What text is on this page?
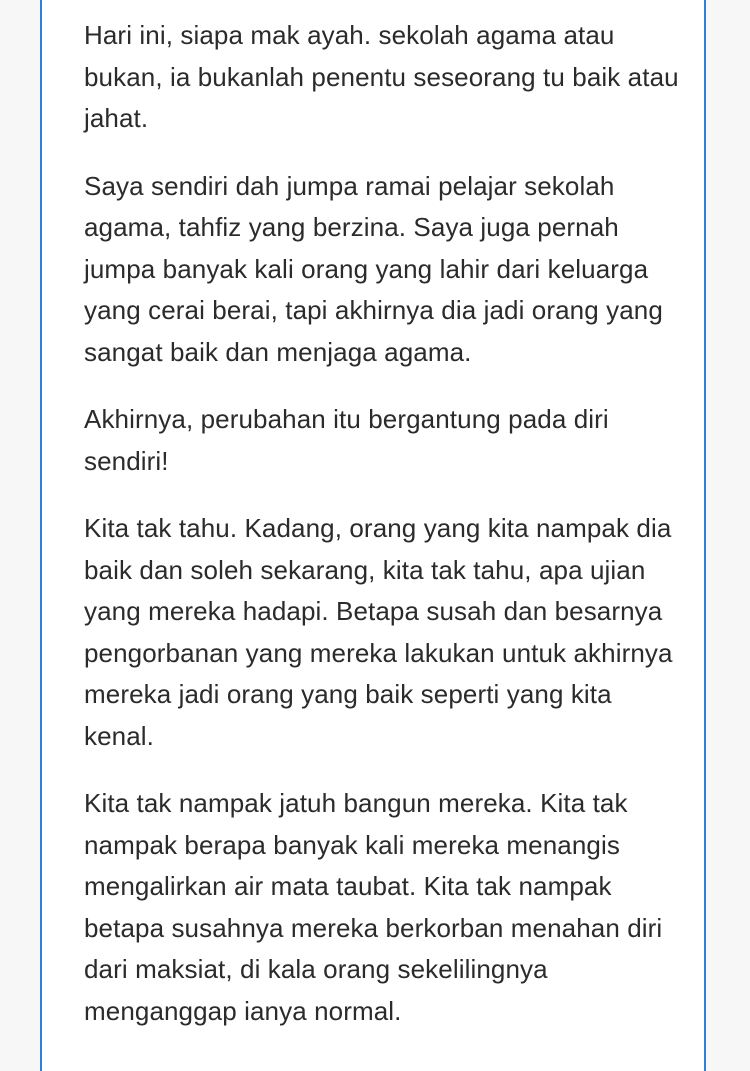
Hari ini, siapa mak ayah. sekolah agama atau bukan, ia bukanlah penentu seseorang tu baik atau jahat.

Saya sendiri dah jumpa ramai pelajar sekolah agama, tahfiz yang berzina. Saya juga pernah jumpa banyak kali orang yang lahir dari keluarga yang cerai berai, tapi akhirnya dia jadi orang yang sangat baik dan menjaga agama.

Akhirnya, perubahan itu bergantung pada diri sendiri!

Kita tak tahu. Kadang, orang yang kita nampak dia baik dan soleh sekarang, kita tak tahu, apa ujian yang mereka hadapi. Betapa susah dan besarnya pengorbanan yang mereka lakukan untuk akhirnya mereka jadi orang yang baik seperti yang kita kenal.

Kita tak nampak jatuh bangun mereka. Kita tak nampak berapa banyak kali mereka menangis mengalirkan air mata taubat. Kita tak nampak betapa susahnya mereka berkorban menahan diri dari maksiat, di kala orang sekelilingnya menganggap ianya normal.
